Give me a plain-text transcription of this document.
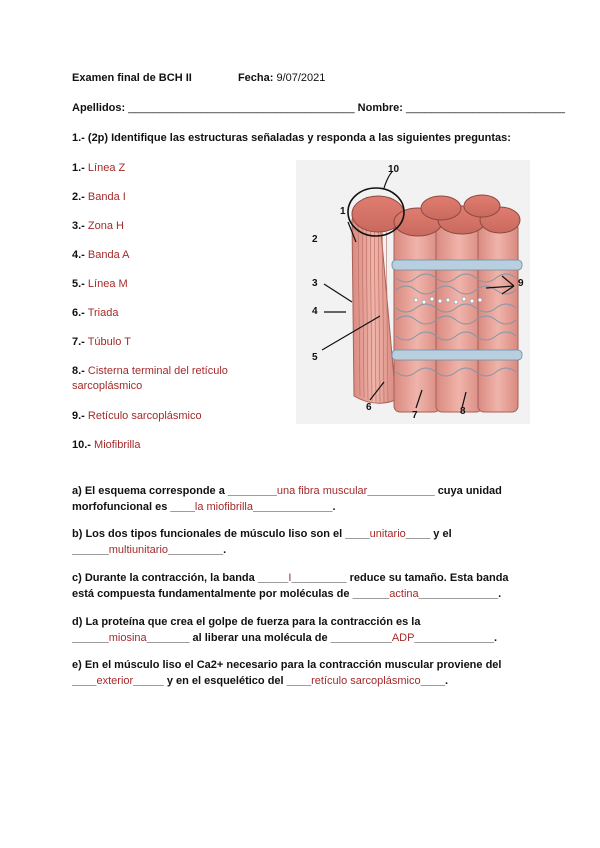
Examen final de BCH II	Fecha: 9/07/2021
Apellidos: _____________________________________ Nombre: __________________________
1.- (2p) Identifique las estructuras señaladas y responda a las siguientes preguntas:
1.- Línea Z
2.- Banda I
3.- Zona H
4.- Banda A
5.- Línea M
6.- Triada
7.- Túbulo T
8.- Cisterna terminal del retículo sarcoplásmico
9.- Retículo sarcoplásmico
10.- Miofibrilla
10
1
2
3
4
5
6
7	8
9
a) El esquema corresponde a ________una fibra muscular___________ cuya unidad morfofuncional es ____la miofibrilla_____________.
b) Los dos tipos funcionales de músculo liso son el ____unitario____ y el ______multiunitario_________.
c) Durante la contracción, la banda _____I_________ reduce su tamaño. Esta banda está compuesta fundamentalmente por moléculas de ______actina_____________.
d) La proteína que crea el golpe de fuerza para la contracción es la ______miosina_______ al liberar una molécula de __________ADP_____________.
e) En el músculo liso el Ca2+ necesario para la contracción muscular proviene del ____exterior_____ y en el esquelético del ____retículo sarcoplásmico____.
